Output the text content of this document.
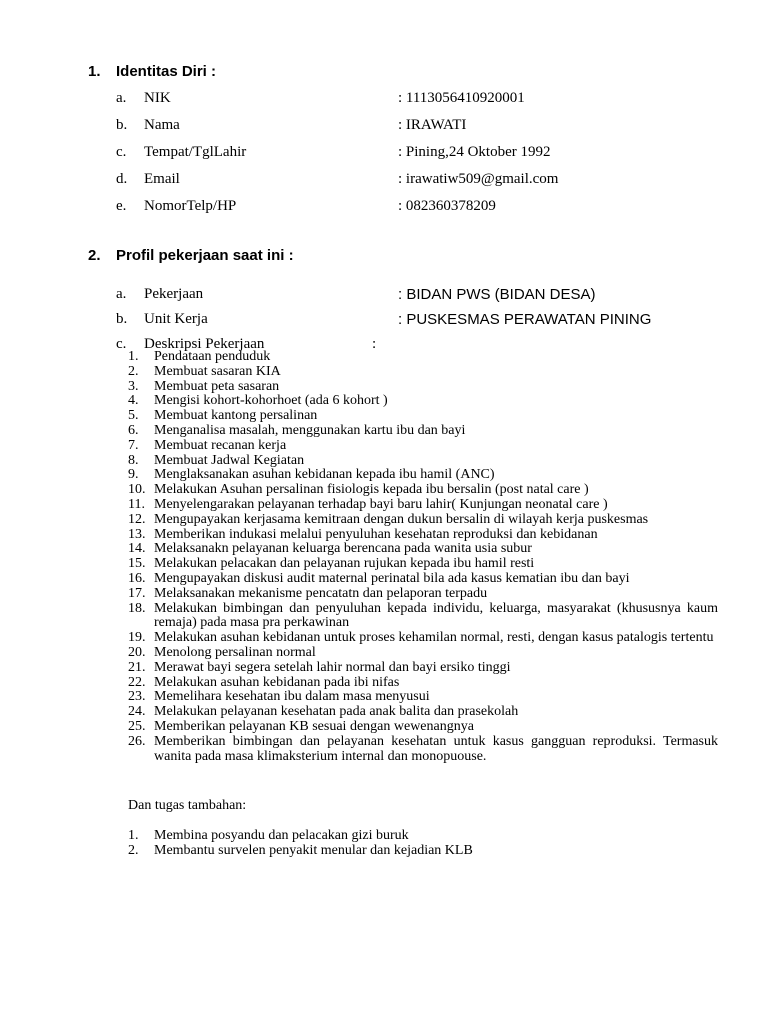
1. Identitas Diri :
a. NIK	: 1113056410920001
b. Nama	: IRAWATI
c. Tempat/TglLahir	: Pining,24 Oktober 1992
d. Email	: irawatiw509@gmail.com
e. NomorTelp/HP	: 082360378209
2. Profil pekerjaan saat ini :
a. Pekerjaan	: BIDAN PWS (BIDAN DESA)
b. Unit Kerja	: PUSKESMAS PERAWATAN PINING
c. Deskripsi Pekerjaan	:
1. Pendataan penduduk
2. Membuat sasaran KIA
3. Membuat peta sasaran
4. Mengisi kohort-kohorhoet (ada 6 kohort )
5. Membuat kantong persalinan
6. Menganalisa masalah, menggunakan kartu ibu dan bayi
7. Membuat recanan kerja
8. Membuat Jadwal Kegiatan
9. Menglaksanakan asuhan kebidanan kepada ibu hamil (ANC)
10. Melakukan Asuhan persalinan fisiologis kepada ibu bersalin (post natal care )
11. Menyelengarakan pelayanan terhadap bayi baru lahir( Kunjungan neonatal care )
12. Mengupayakan kerjasama kemitraan dengan dukun bersalin di wilayah kerja puskesmas
13. Memberikan indukasi melalui penyuluhan kesehatan reproduksi dan kebidanan
14. Melaksanakn pelayanan keluarga berencana pada wanita usia subur
15. Melakukan pelacakan dan pelayanan rujukan kepada ibu hamil resti
16. Mengupayakan diskusi audit maternal perinatal bila ada kasus kematian ibu dan bayi
17. Melaksanakan mekanisme pencatatn dan pelaporan terpadu
18. Melakukan bimbingan dan penyuluhan kepada individu, keluarga, masyarakat (khususnya kaum remaja) pada masa pra perkawinan
19. Melakukan asuhan kebidanan untuk proses kehamilan normal, resti, dengan kasus patalogis tertentu
20. Menolong persalinan normal
21. Merawat bayi segera setelah lahir normal dan bayi ersiko tinggi
22. Melakukan asuhan kebidanan pada ibi nifas
23. Memelihara kesehatan ibu dalam masa menyusui
24. Melakukan pelayanan kesehatan pada anak balita dan prasekolah
25. Memberikan pelayanan KB sesuai dengan wewenangnya
26. Memberikan bimbingan dan pelayanan kesehatan untuk kasus gangguan reproduksi. Termasuk wanita pada masa klimaksterium internal dan monopuouse.
Dan tugas tambahan:
1. Membina posyandu dan pelacakan gizi buruk
2. Membantu survelen penyakit menular dan kejadian KLB
